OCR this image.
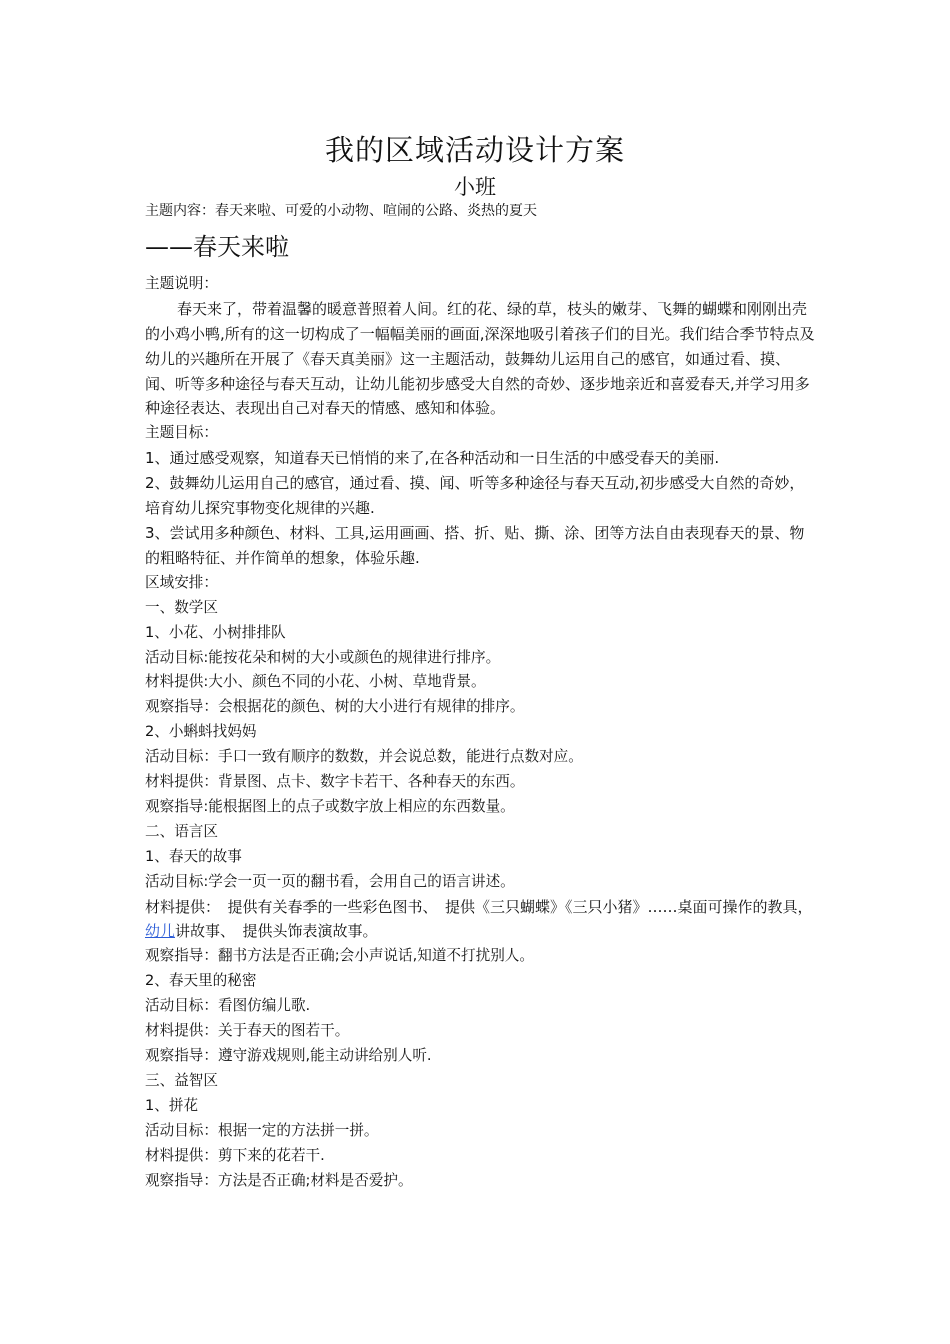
我的区域活动设计方案
小班
主题内容：春天来啦、可爱的小动物、喧闹的公路、炎热的夏天
——春天来啦
主题说明：
春天来了，带着温馨的暖意普照着人间。红的花、绿的草，枝头的嫩芽、飞舞的蝴蝶和刚刚出壳的小鸡小鸭,所有的这一切构成了一幅幅美丽的画面,深深地吸引着孩子们的目光。我们结合季节特点及幼儿的兴趣所在开展了《春天真美丽》这一主题活动，鼓舞幼儿运用自己的感官，如通过看、摸、闻、听等多种途径与春天互动，让幼儿能初步感受大自然的奇妙、逐步地亲近和喜爱春天,并学习用多种途径表达、表现出自己对春天的情感、感知和体验。
主题目标：
1、通过感受观察，知道春天已悄悄的来了,在各种活动和一日生活的中感受春天的美丽.
2、鼓舞幼儿运用自己的感官，通过看、摸、闻、听等多种途径与春天互动,初步感受大自然的奇妙，培育幼儿探究事物变化规律的兴趣.
3、尝试用多种颜色、材料、工具,运用画画、搭、折、贴、撕、涂、团等方法自由表现春天的景、物的粗略特征、并作简单的想象，体验乐趣.
区域安排：
一、数学区
1、小花、小树排排队
活动目标:能按花朵和树的大小或颜色的规律进行排序。
材料提供:大小、颜色不同的小花、小树、草地背景。
观察指导：会根据花的颜色、树的大小进行有规律的排序。
2、小蝌蚪找妈妈
活动目标：手口一致有顺序的数数，并会说总数，能进行点数对应。
材料提供：背景图、点卡、数字卡若干、各种春天的东西。
观察指导:能根据图上的点子或数字放上相应的东西数量。
二、语言区
1、春天的故事
活动目标:学会一页一页的翻书看，会用自己的语言讲述。
材料提供：　提供有关春季的一些彩色图书、　提供《三只蝴蝶》《三只小猪》……桌面可操作的教具，幼儿讲故事、　提供头饰表演故事。
观察指导：翻书方法是否正确;会小声说话,知道不打扰别人。
2、春天里的秘密
活动目标：看图仿编儿歌.
材料提供：关于春天的图若干。
观察指导：遵守游戏规则,能主动讲给别人听.
三、益智区
1、拼花
活动目标：根据一定的方法拼一拼。
材料提供：剪下来的花若干.
观察指导：方法是否正确;材料是否爱护。
